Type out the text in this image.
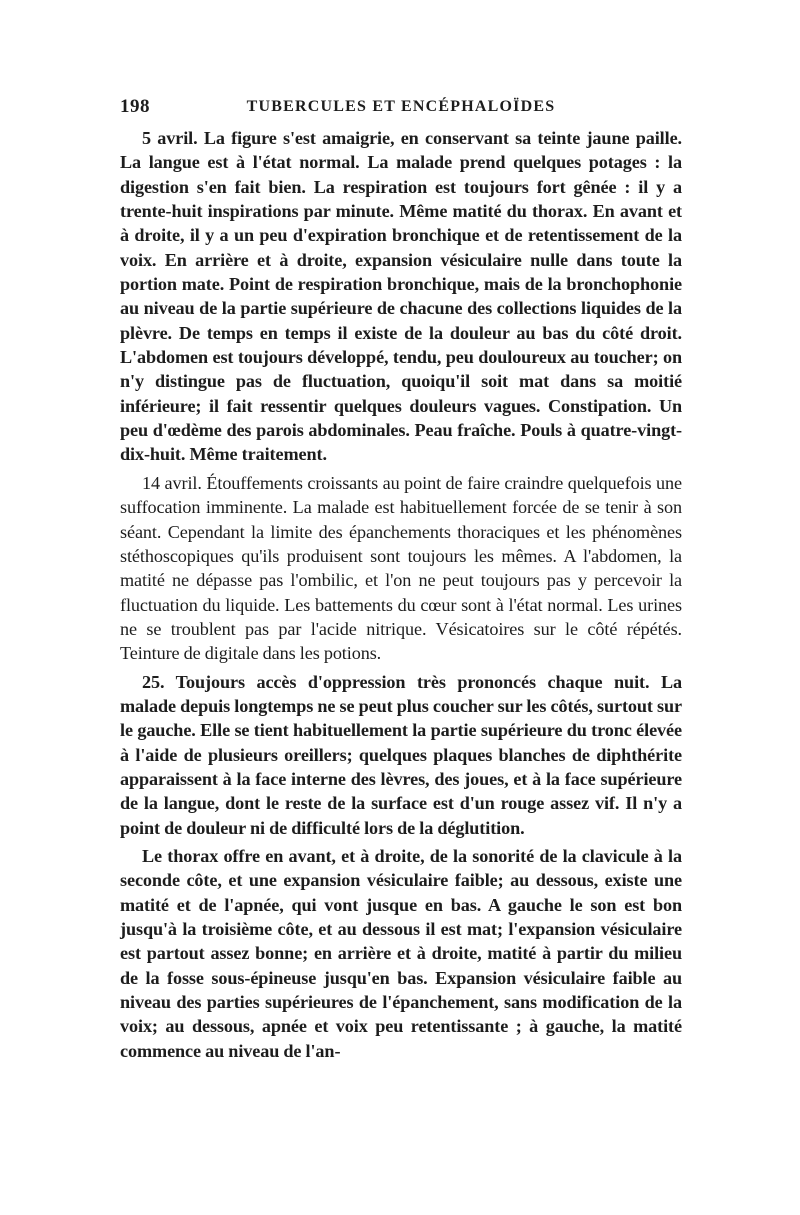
198	TUBERCULES ET ENCÉPHALOÏDES

5 avril. La figure s'est amaigrie, en conservant sa teinte jaune paille. La langue est à l'état normal. La malade prend quelques potages : la digestion s'en fait bien. La respiration est toujours fort gênée : il y a trente-huit inspirations par minute. Même matité du thorax. En avant et à droite, il y a un peu d'expiration bronchique et de retentissement de la voix. En arrière et à droite, expansion vésiculaire nulle dans toute la portion mate. Point de respiration bronchique, mais de la bronchophonie au niveau de la partie supérieure de chacune des collections liquides de la plèvre. De temps en temps il existe de la douleur au bas du côté droit. L'abdomen est toujours développé, tendu, peu douloureux au toucher; on n'y distingue pas de fluctuation, quoiqu'il soit mat dans sa moitié inférieure; il fait ressentir quelques douleurs vagues. Constipation. Un peu d'œdème des parois abdominales. Peau fraîche. Pouls à quatre-vingt-dix-huit. Même traitement.

14 avril. Étouffements croissants au point de faire craindre quelquefois une suffocation imminente. La malade est habituellement forcée de se tenir à son séant. Cependant la limite des épanchements thoraciques et les phénomènes stéthoscopiques qu'ils produisent sont toujours les mêmes. A l'abdomen, la matité ne dépasse pas l'ombilic, et l'on ne peut toujours pas y percevoir la fluctuation du liquide. Les battements du cœur sont à l'état normal. Les urines ne se troublent pas par l'acide nitrique. Vésicatoires sur le côté répétés. Teinture de digitale dans les potions.

25. Toujours accès d'oppression très prononcés chaque nuit. La malade depuis longtemps ne se peut plus coucher sur les côtés, surtout sur le gauche. Elle se tient habituellement la partie supérieure du tronc élevée à l'aide de plusieurs oreillers; quelques plaques blanches de diphthérite apparaissent à la face interne des lèvres, des joues, et à la face supérieure de la langue, dont le reste de la surface est d'un rouge assez vif. Il n'y a point de douleur ni de difficulté lors de la déglutition.

Le thorax offre en avant, et à droite, de la sonorité de la clavicule à la seconde côte, et une expansion vésiculaire faible; au dessous, existe une matité et de l'apnée, qui vont jusque en bas. A gauche le son est bon jusqu'à la troisième côte, et au dessous il est mat; l'expansion vésiculaire est partout assez bonne; en arrière et à droite, matité à partir du milieu de la fosse sous-épineuse jusqu'en bas. Expansion vésiculaire faible au niveau des parties supérieures de l'épanchement, sans modification de la voix; au dessous, apnée et voix peu retentissante ; à gauche, la matité commence au niveau de l'an-
